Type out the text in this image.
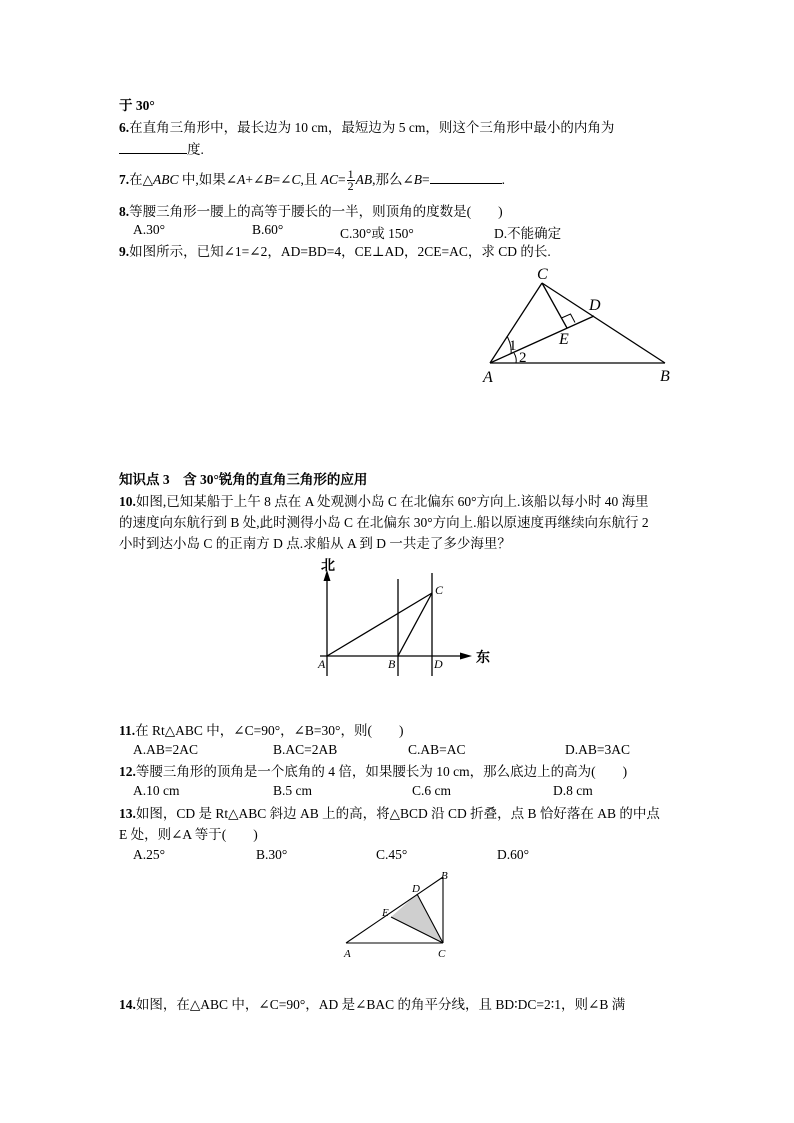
于 30°
6.在直角三角形中，最长边为 10 cm，最短边为 5 cm，则这个三角形中最小的内角为
度.
7.在△ABC 中,如果∠A+∠B=∠C,且 $AC= \frac{1}{2}$ AB,那么∠B=	.
8.等腰三角形一腰上的高等于腰长的一半，则顶角的度数是(　　)
A.30°	B.60°	C.30°或 150°	D.不能确定
9.如图所示，已知∠1=∠2，AD=BD=4，CE⊥AD，2CE=AC，求 CD 的长.
C
D
E
A	B
1
2
知识点 3　含 30°锐角的直角三角形的应用
10.如图,已知某船于上午 8 点在 A 处观测小岛 C 在北偏东 60°方向上.该船以每小时 40 海里
的速度向东航行到 B 处,此时测得小岛 C 在北偏东 30°方向上.船以原速度再继续向东航行 2
小时到达小岛 C 的正南方 D 点.求船从 A 到 D 一共走了多少海里？
北
东
A	B
C
D
11.在 Rt△ABC 中，∠C=90°，∠B=30°，则(　　)
A.AB=2AC	B.AC=2AB	C.AB=AC	D.AB=3AC
12.等腰三角形的顶角是一个底角的 4 倍，如果腰长为 10 cm，那么底边上的高为(　　)
A.10 cm	B.5 cm	C.6 cm	D.8 cm
13.如图，CD 是 Rt△ABC 斜边 AB 上的高，将△BCD 沿 CD 折叠，点 B 恰好落在 AB 的中点
E 处，则∠A 等于(　　)
A.25°	B.30°	C.45°	D.60°
B
D
E
A	C
14.如图，在△ABC 中，∠C=90°，AD 是∠BAC 的角平分线，且 BD∶DC=2∶1，则∠B 满
